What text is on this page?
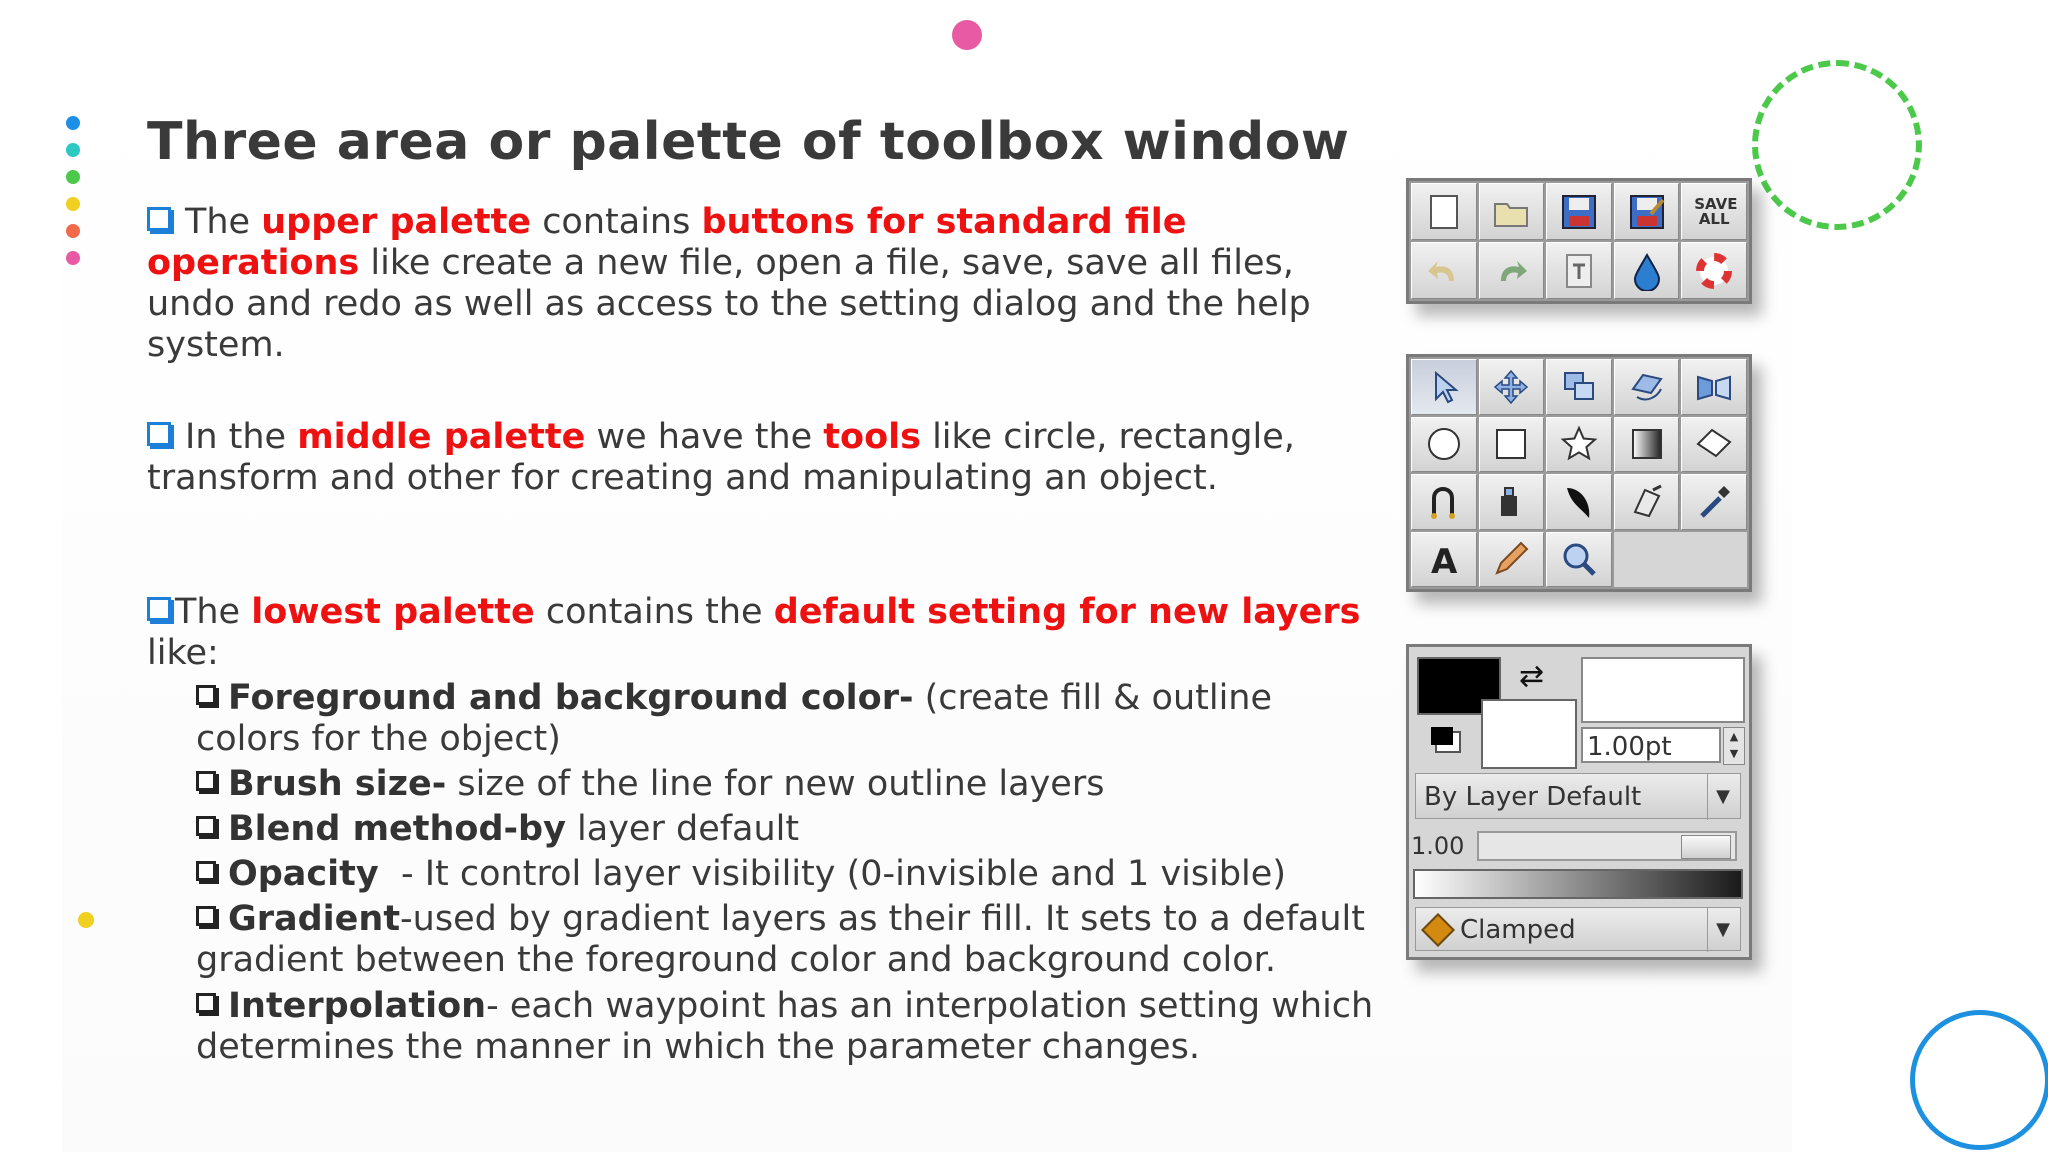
Three area or palette of toolbox window

The upper palette contains buttons for standard file operations like create a new file, open a file, save, save all files, undo and redo as well as access to the setting dialog and the help system.

In the middle palette we have the tools like circle, rectangle, transform and other for creating and manipulating an object.

The lowest palette contains the default setting for new layers like:

Foreground and background color- (create fill & outline colors for the object)

Brush size- size of the line for new outline layers

Blend method-by layer default

Opacity  - It control layer visibility (0-invisible and 1 visible)

Gradient-used by gradient layers as their fill. It sets to a default gradient between the foreground color and background color.

Interpolation- each waypoint has an interpolation setting which determines the manner in which the parameter changes.

SAVE ALL
A
⇄
1.00pt	▲
▼
By Layer Default	▼
1.00
Clamped	▼
